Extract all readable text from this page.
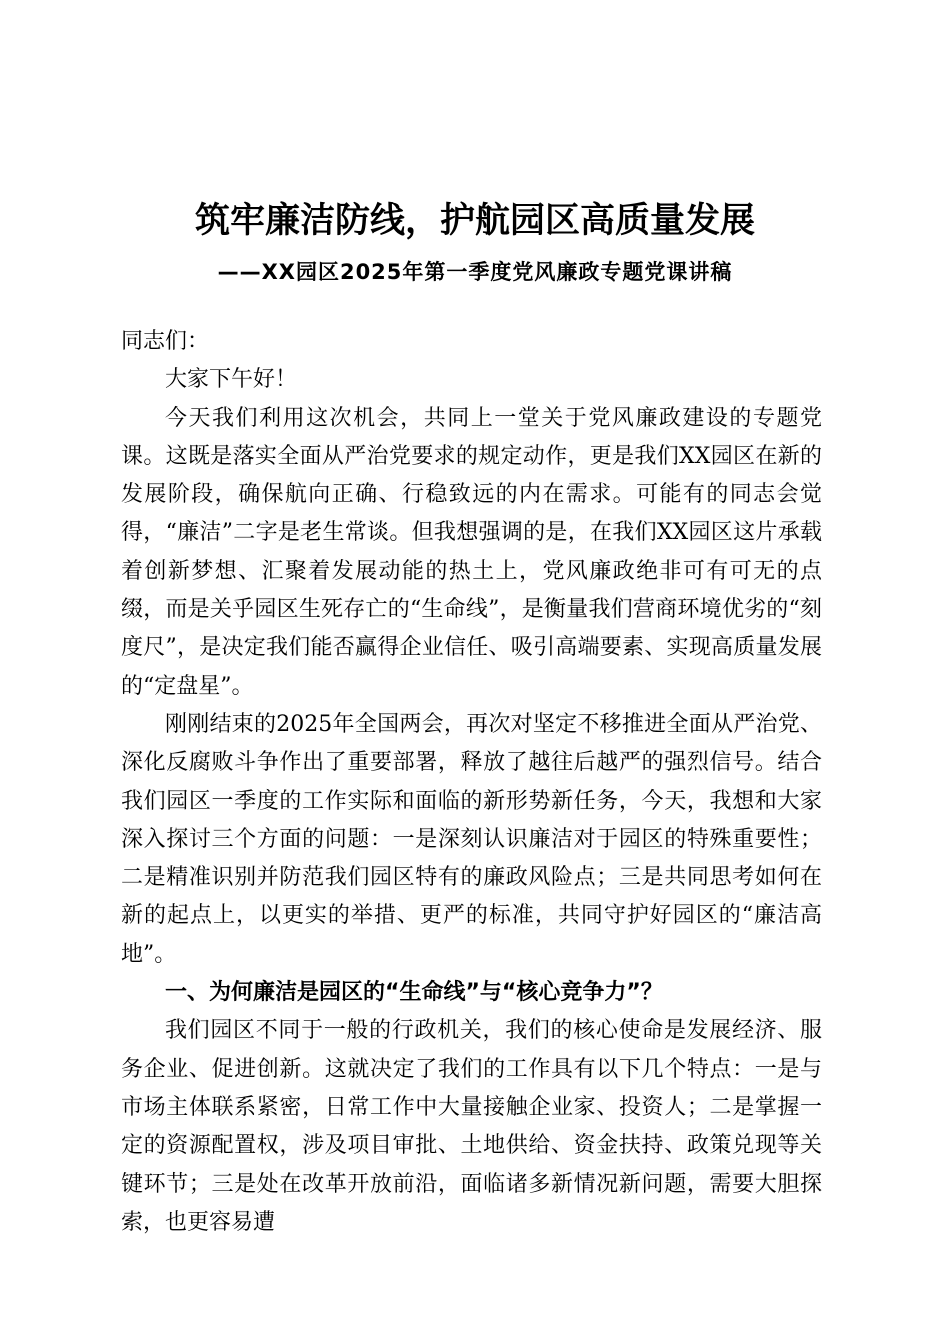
筑牢廉洁防线，护航园区高质量发展
——XX园区2025年第一季度党风廉政专题党课讲稿

同志们：

大家下午好！

今天我们利用这次机会，共同上一堂关于党风廉政建设的专题党课。这既是落实全面从严治党要求的规定动作，更是我们XX园区在新的发展阶段，确保航向正确、行稳致远的内在需求。可能有的同志会觉得，“廉洁”二字是老生常谈。但我想强调的是，在我们XX园区这片承载着创新梦想、汇聚着发展动能的热土上，党风廉政绝非可有可无的点缀，而是关乎园区生死存亡的“生命线”，是衡量我们营商环境优劣的“刻度尺”，是决定我们能否赢得企业信任、吸引高端要素、实现高质量发展的“定盘星”。

刚刚结束的2025年全国两会，再次对坚定不移推进全面从严治党、深化反腐败斗争作出了重要部署，释放了越往后越严的强烈信号。结合我们园区一季度的工作实际和面临的新形势新任务，今天，我想和大家深入探讨三个方面的问题：一是深刻认识廉洁对于园区的特殊重要性；二是精准识别并防范我们园区特有的廉政风险点；三是共同思考如何在新的起点上，以更实的举措、更严的标准，共同守护好园区的“廉洁高地”。

一、为何廉洁是园区的“生命线”与“核心竞争力”？

我们园区不同于一般的行政机关，我们的核心使命是发展经济、服务企业、促进创新。这就决定了我们的工作具有以下几个特点：一是与市场主体联系紧密，日常工作中大量接触企业家、投资人；二是掌握一定的资源配置权，涉及项目审批、土地供给、资金扶持、政策兑现等关键环节；三是处在改革开放前沿，面临诸多新情况新问题，需要大胆探索，也更容易遭
